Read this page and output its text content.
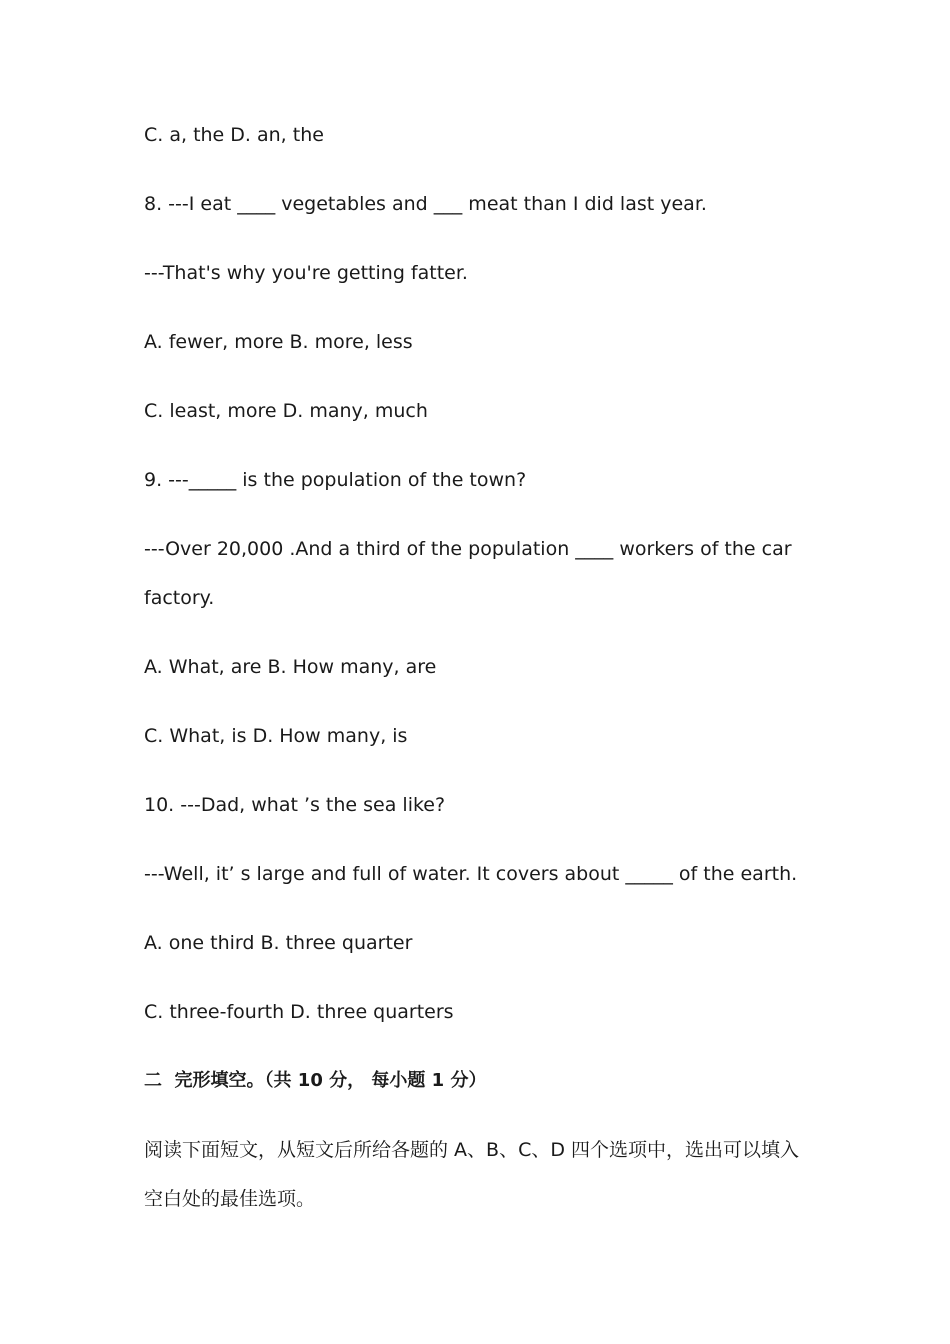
C. a, the D. an, the
8. ---I eat ____ vegetables and ___ meat than I did last year.
---That's why you're getting fatter.
A. fewer, more B. more, less
C. least, more D. many, much
9. ---_____ is the population of the town?
---Over 20,000 .And a third of the population ____ workers of the car
factory.
A. What, are B. How many, are
C. What, is D. How many, is
10. ---Dad, what ’s the sea like?
---Well, it’ s large and full of water. It covers about _____ of the earth.
A. one third B. three quarter
C. three-fourth D. three quarters
二  完形填空。（共 10 分， 每小题 1 分）
阅读下面短文，从短文后所给各题的 A、B、C、D 四个选项中，选出可以填入
空白处的最佳选项。
